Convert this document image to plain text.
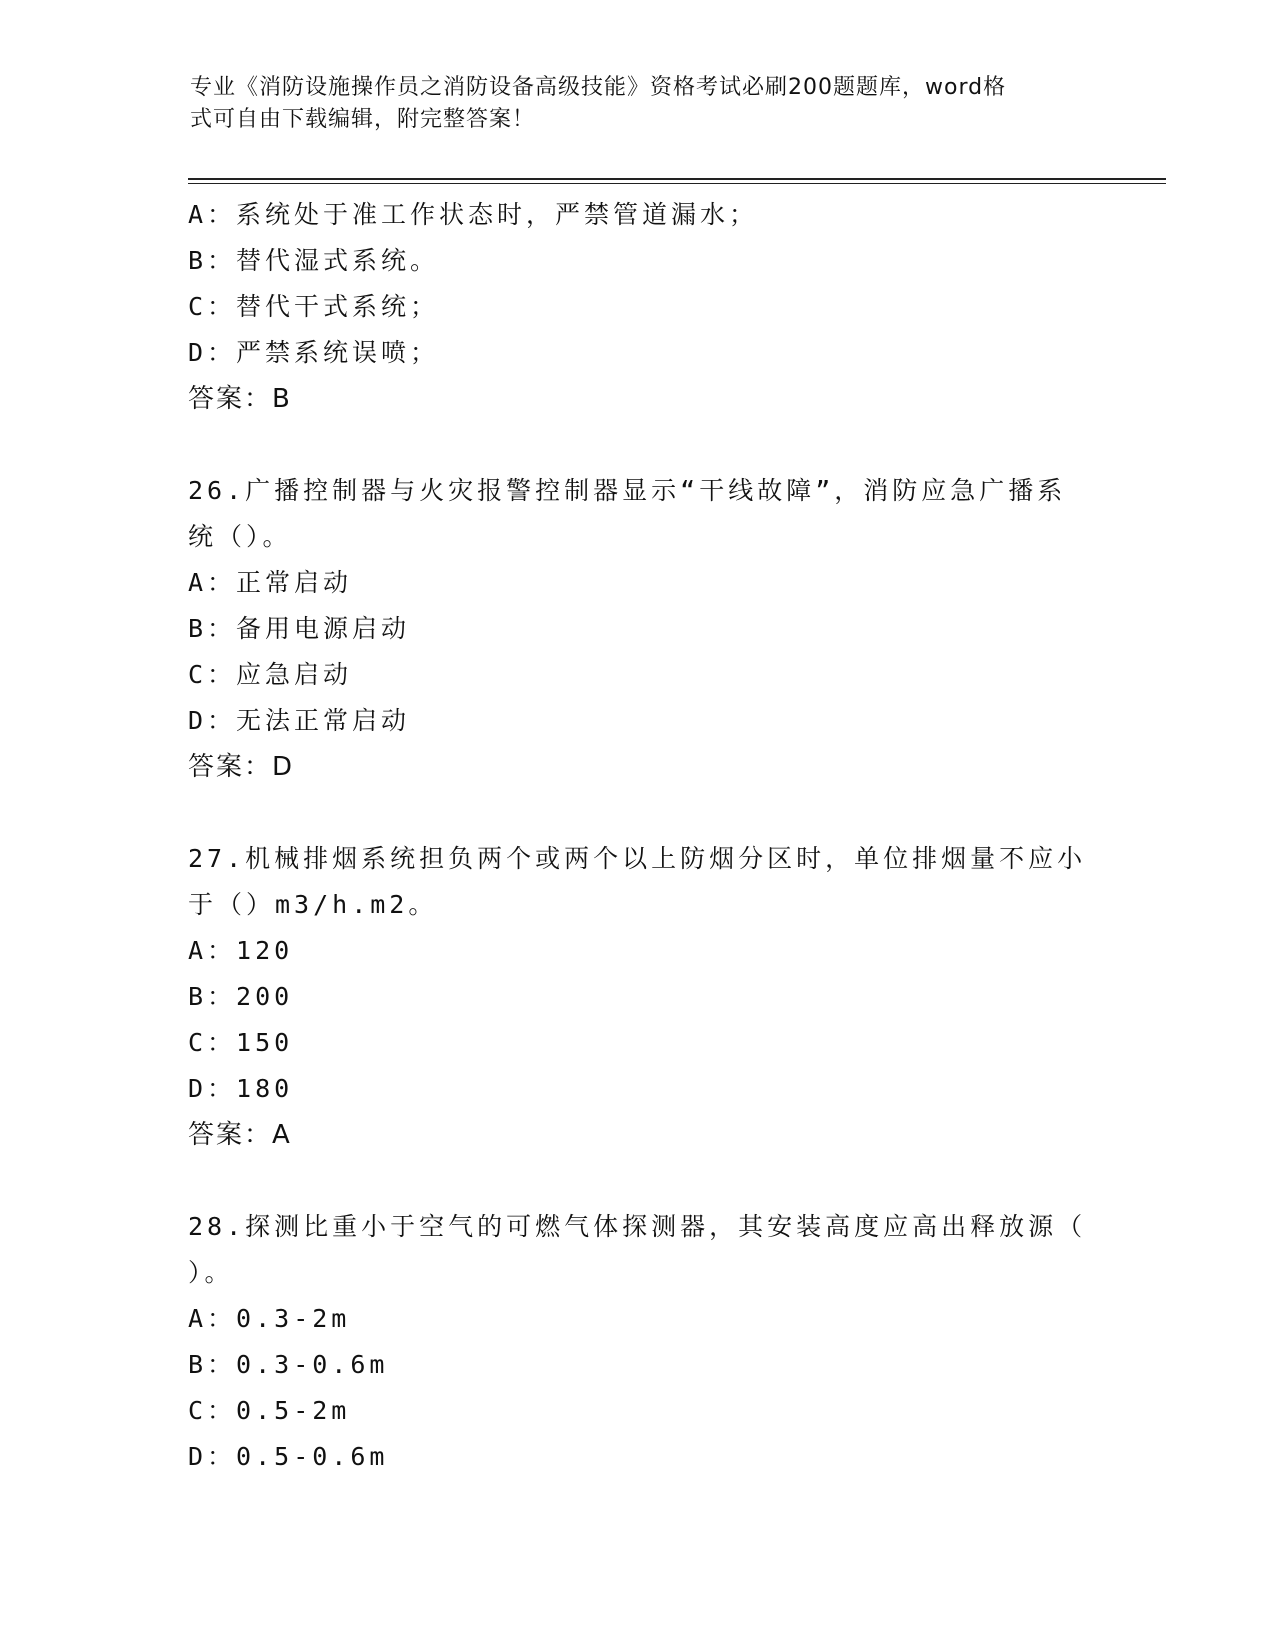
专业《消防设施操作员之消防设备高级技能》资格考试必刷200题题库，word格
式可自由下载编辑，附完整答案！
A：系统处于准工作状态时，严禁管道漏水；
B：替代湿式系统。
C：替代干式系统；
D：严禁系统误喷；
答案：B
26.广播控制器与火灾报警控制器显示“干线故障”，消防应急广播系
统（）。
A：正常启动
B：备用电源启动
C：应急启动
D：无法正常启动
答案：D
27.机械排烟系统担负两个或两个以上防烟分区时，单位排烟量不应小
于（）m3/h.m2。
A：120
B：200
C：150
D：180
答案：A
28.探测比重小于空气的可燃气体探测器，其安装高度应高出释放源（
）。
A：0.3-2m
B：0.3-0.6m
C：0.5-2m
D：0.5-0.6m
